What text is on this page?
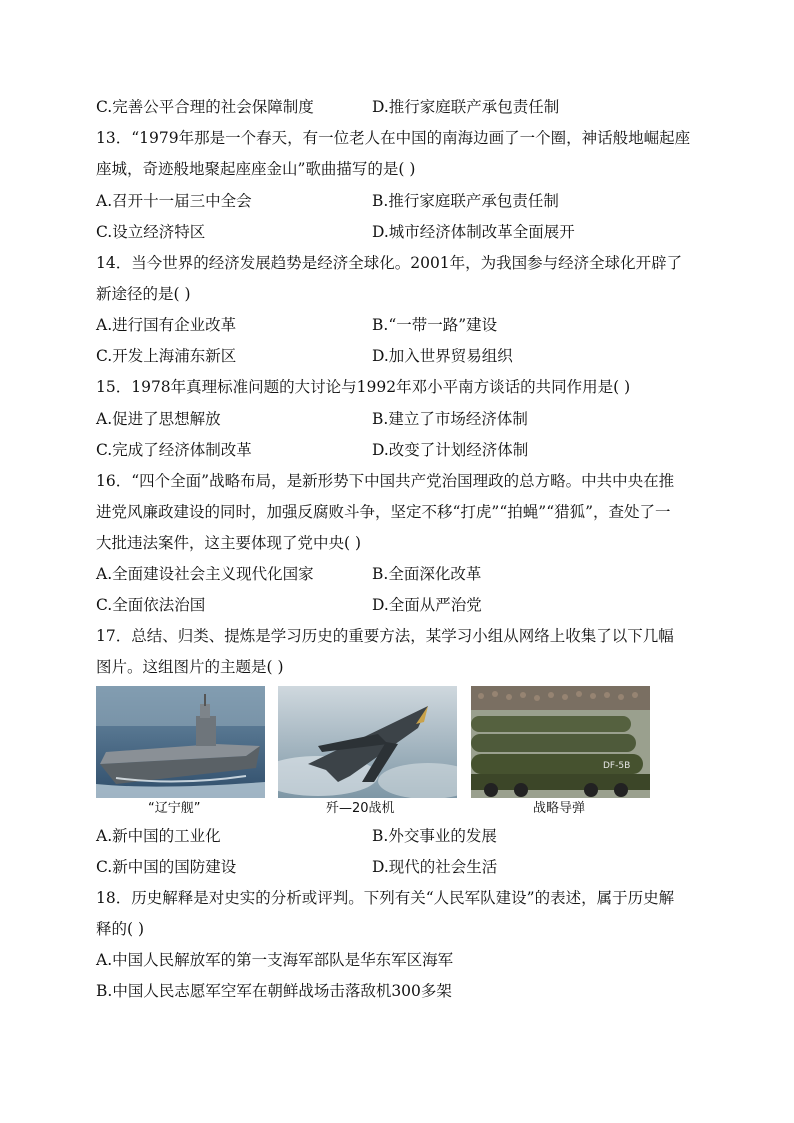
C.完善公平合理的社会保障制度	D.推行家庭联产承包责任制
13．“1979年那是一个春天，有一位老人在中国的南海边画了一个圈，神话般地崛起座
座城，奇迹般地聚起座座金山”歌曲描写的是( )
A.召开十一届三中全会	B.推行家庭联产承包责任制
C.设立经济特区	D.城市经济体制改革全面展开
14．当今世界的经济发展趋势是经济全球化。2001年，为我国参与经济全球化开辟了
新途径的是( )
A.进行国有企业改革	B.“一带一路”建设
C.开发上海浦东新区	D.加入世界贸易组织
15．1978年真理标准问题的大讨论与1992年邓小平南方谈话的共同作用是( )
A.促进了思想解放	B.建立了市场经济体制
C.完成了经济体制改革	D.改变了计划经济体制
16．“四个全面”战略布局，是新形势下中国共产党治国理政的总方略。中共中央在推
进党风廉政建设的同时，加强反腐败斗争，坚定不移“打虎”“拍蝇”“猎狐”，查处了一
大批违法案件，这主要体现了党中央( )
A.全面建设社会主义现代化国家	B.全面深化改革
C.全面依法治国	D.全面从严治党
17．总结、归类、提炼是学习历史的重要方法，某学习小组从网络上收集了以下几幅
图片。这组图片的主题是( )
“辽宁舰”	歼—20战机
DF-5B
战略导弹
A.新中国的工业化	B.外交事业的发展
C.新中国的国防建设	D.现代的社会生活
18．历史解释是对史实的分析或评判。下列有关“人民军队建设”的表述，属于历史解
释的( )
A.中国人民解放军的第一支海军部队是华东军区海军
B.中国人民志愿军空军在朝鲜战场击落敌机300多架
